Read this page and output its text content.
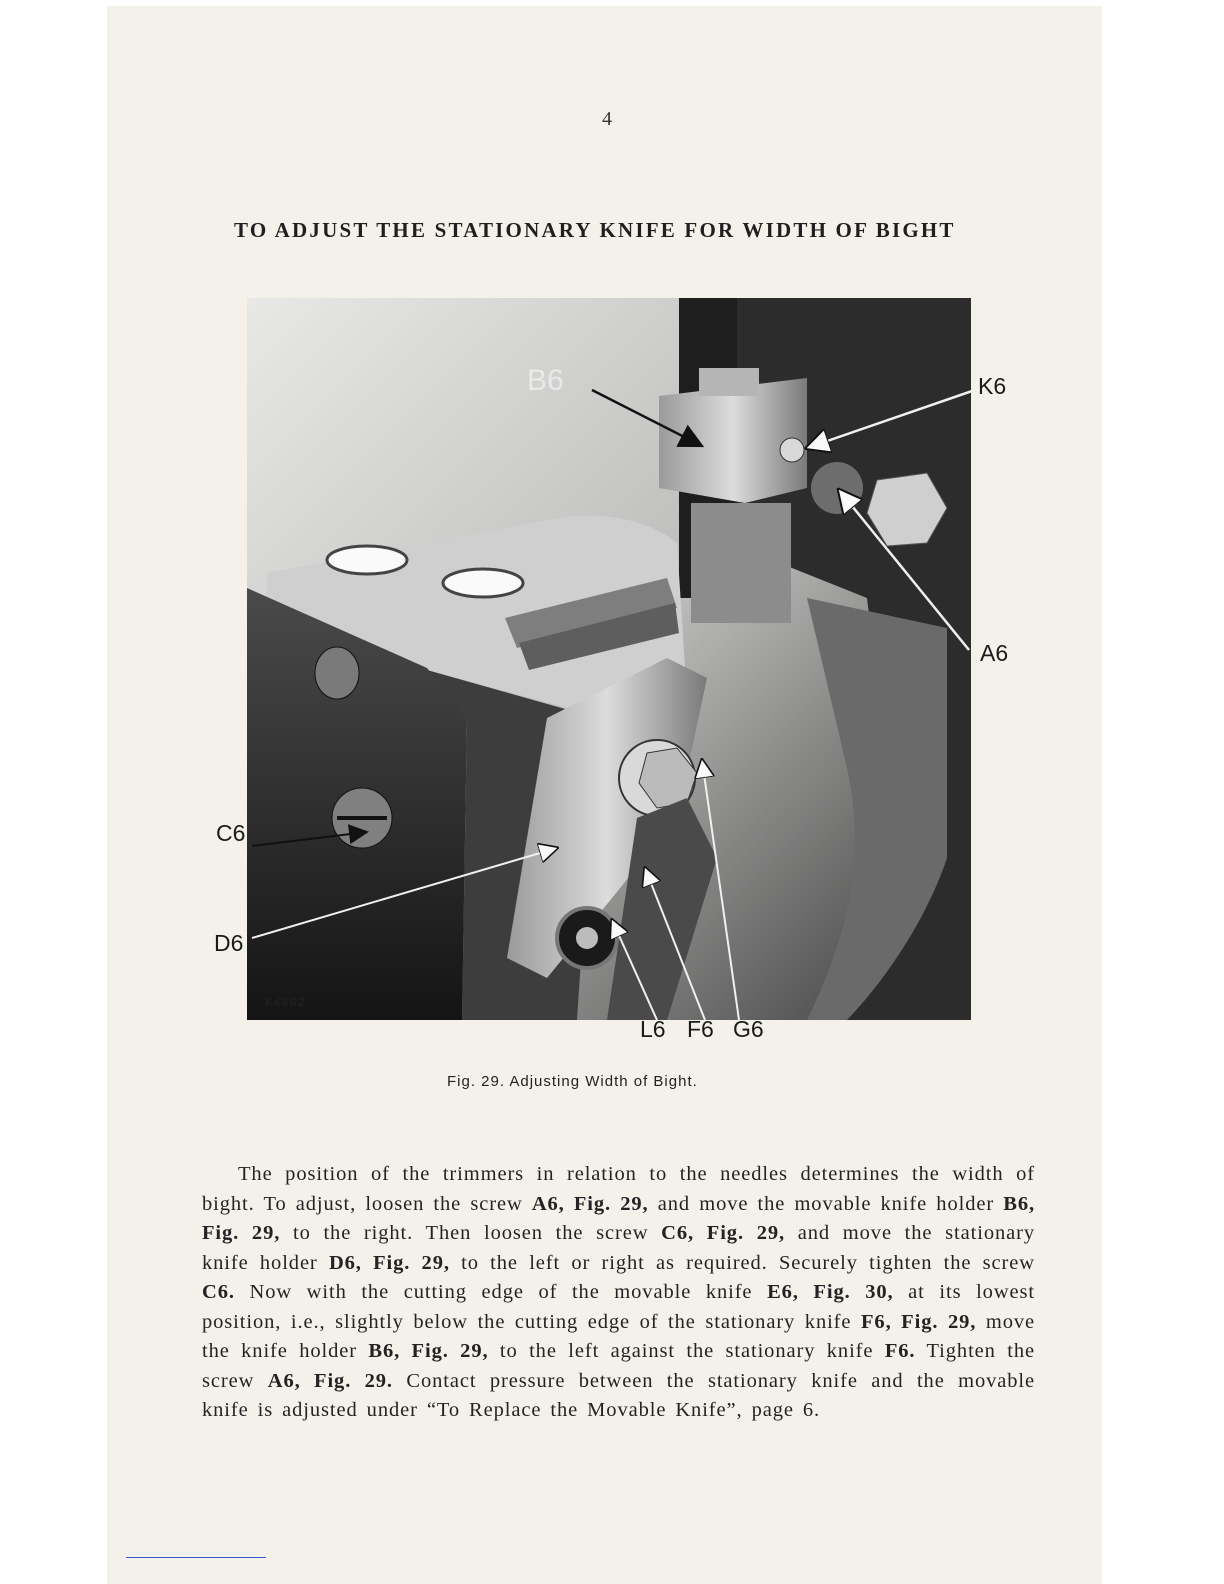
4
TO ADJUST THE STATIONARY KNIFE FOR WIDTH OF BIGHT
K4862
B6	K6
A6
C6
D6
L6 F6 G6
Fig. 29. Adjusting Width of Bight.
The position of the trimmers in relation to the needles determines the width of bight. To adjust, loosen the screw A6, Fig. 29, and move the movable knife holder B6, Fig. 29, to the right. Then loosen the screw C6, Fig. 29, and move the stationary knife holder D6, Fig. 29, to the left or right as required. Securely tighten the screw C6. Now with the cutting edge of the movable knife E6, Fig. 30, at its lowest position, i.e., slightly below the cutting edge of the stationary knife F6, Fig. 29, move the knife holder B6, Fig. 29, to the left against the stationary knife F6. Tighten the screw A6, Fig. 29. Contact pressure between the stationary knife and the movable knife is adjusted under “To Replace the Movable Knife”, page 6.
